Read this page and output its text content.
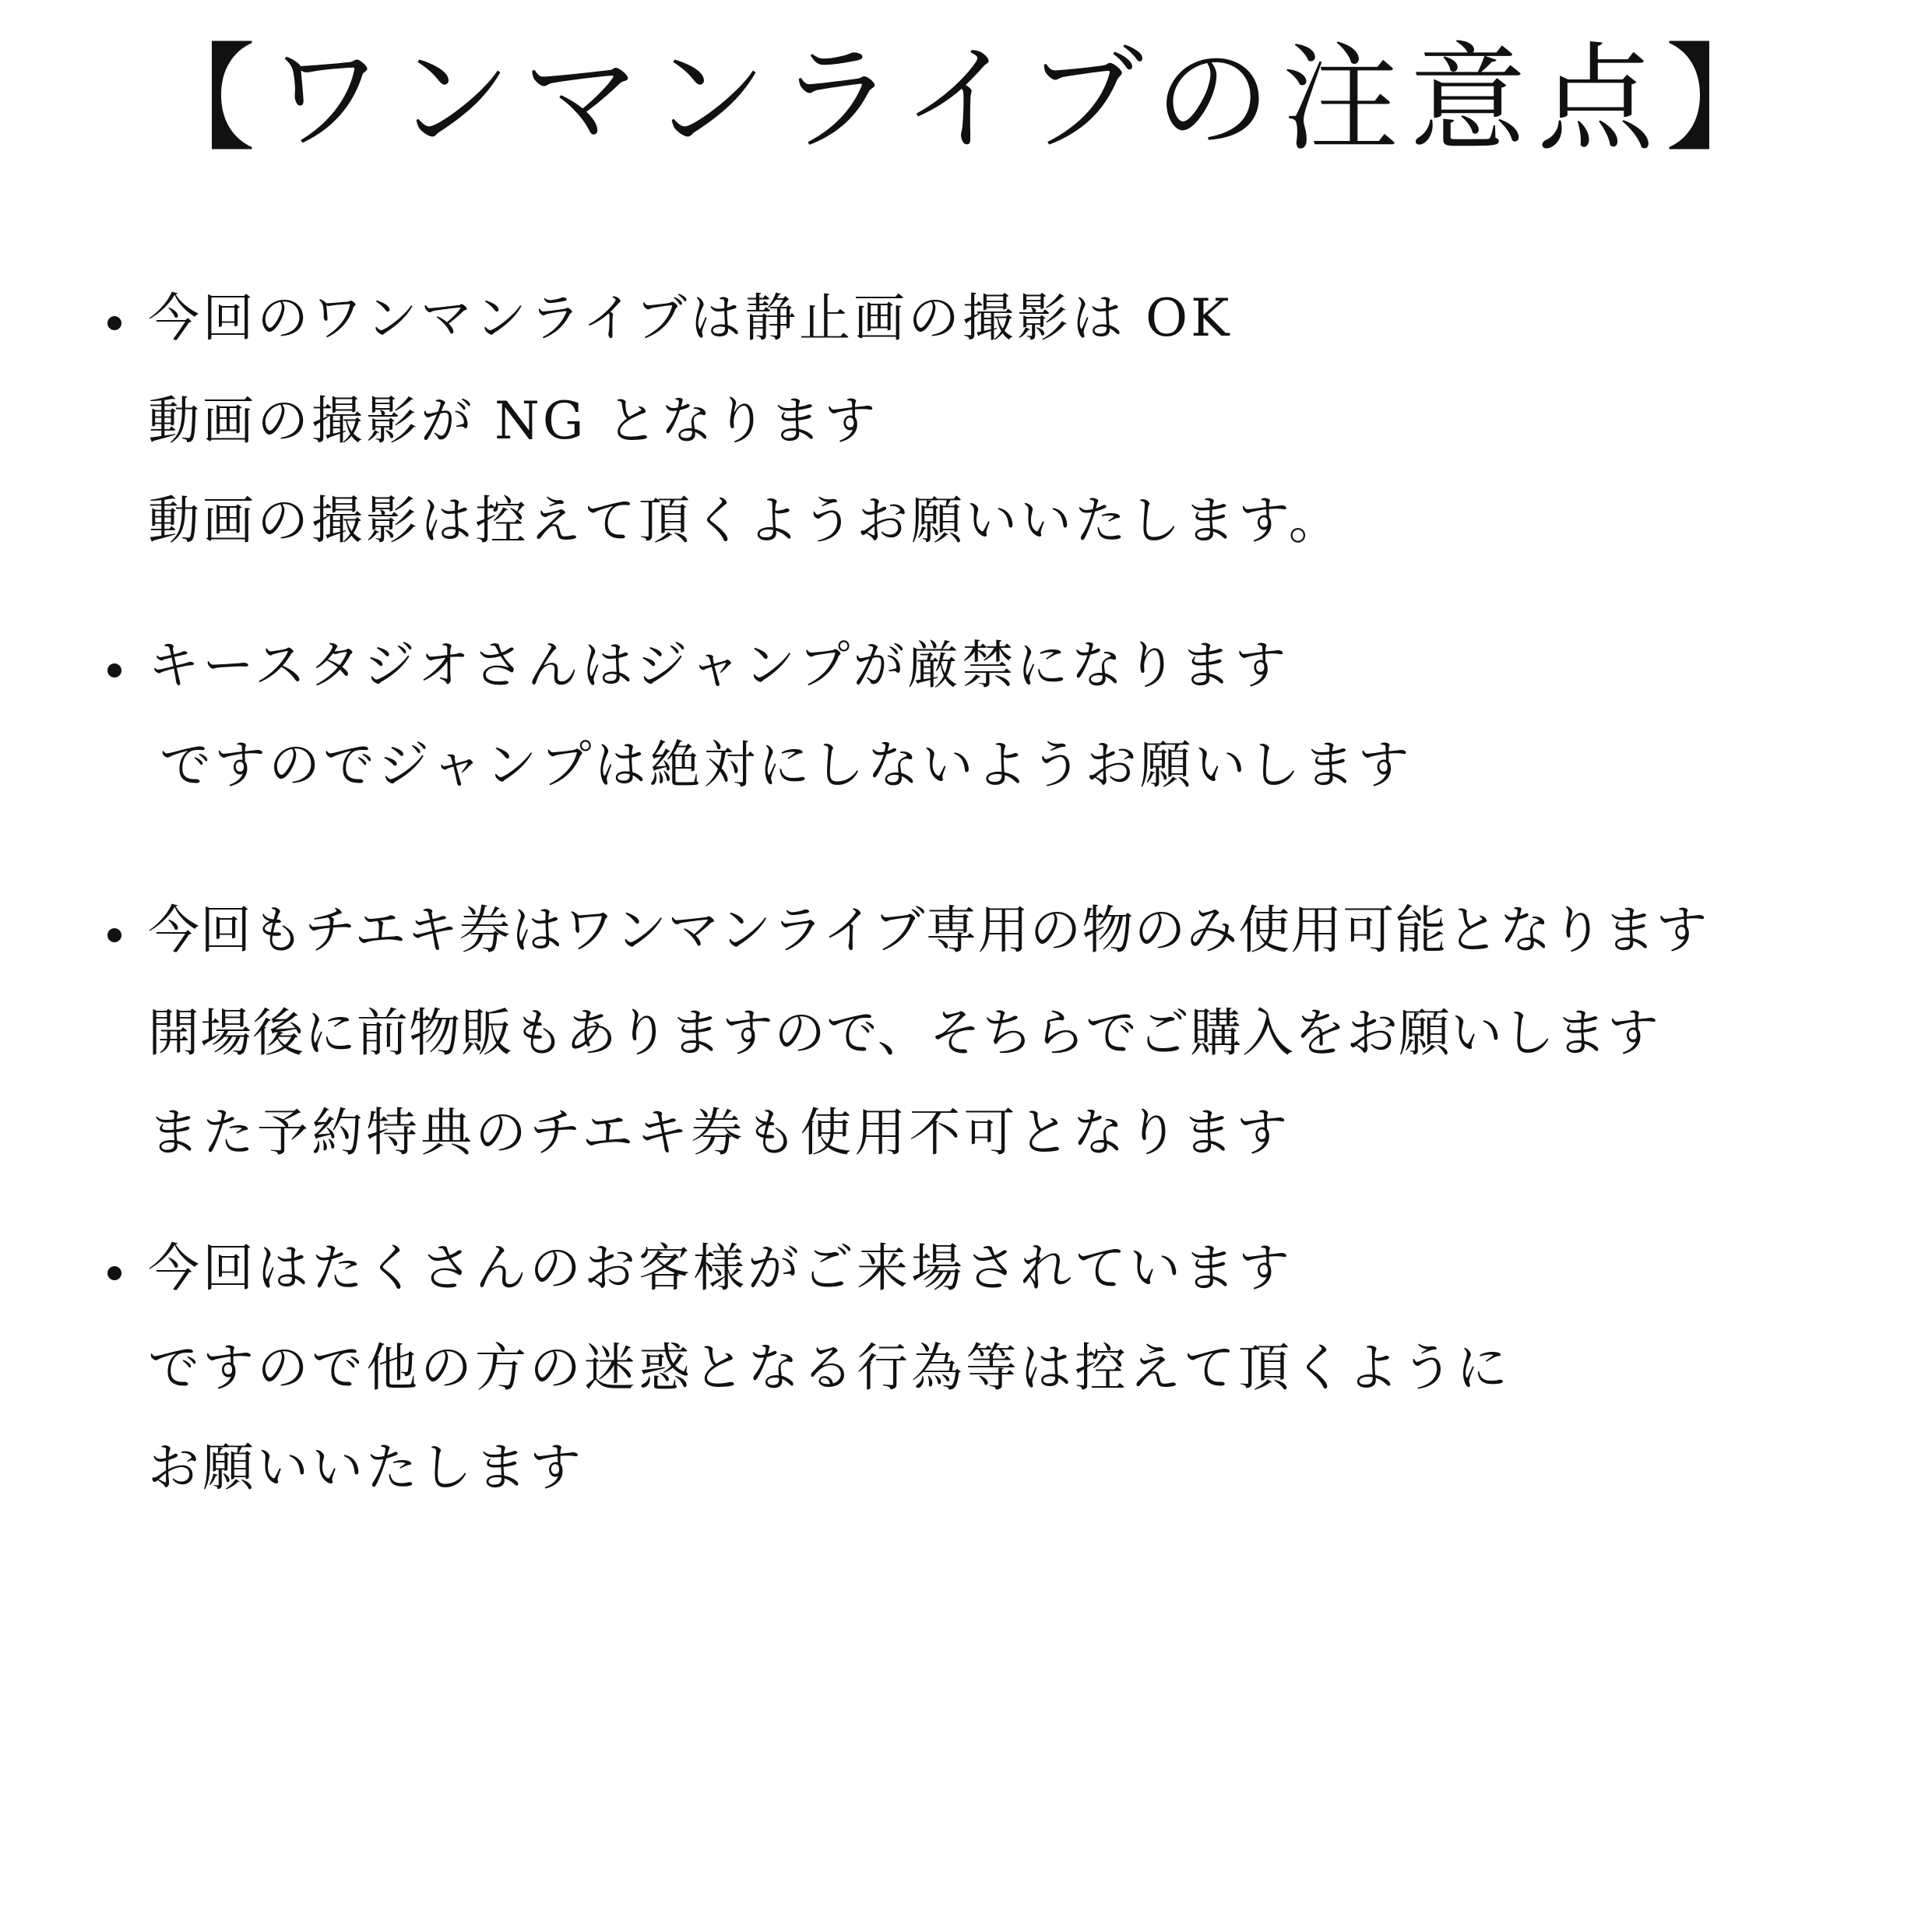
【ワンマンライブの注意点】
今回のワンマンライブは静止画の撮影は OK
動画の撮影が NG となります
動画の撮影は控えて頂くようお願いいたします。
キースタジオさんはジャンプが厳禁になります
ですのでジャンプは絶対にしないようお願いします
今回もチエキ券はワンマンライブ専用の物のみ使用可能となります
開場後に前物販もありますので、そちらでご購入をお願いします
また予約特典のチエキ券も使用不可となります
今回はたくさんのお客様がご来場されています
ですので他の方の迷惑となる行為等は控えて頂くように
お願いいたします
